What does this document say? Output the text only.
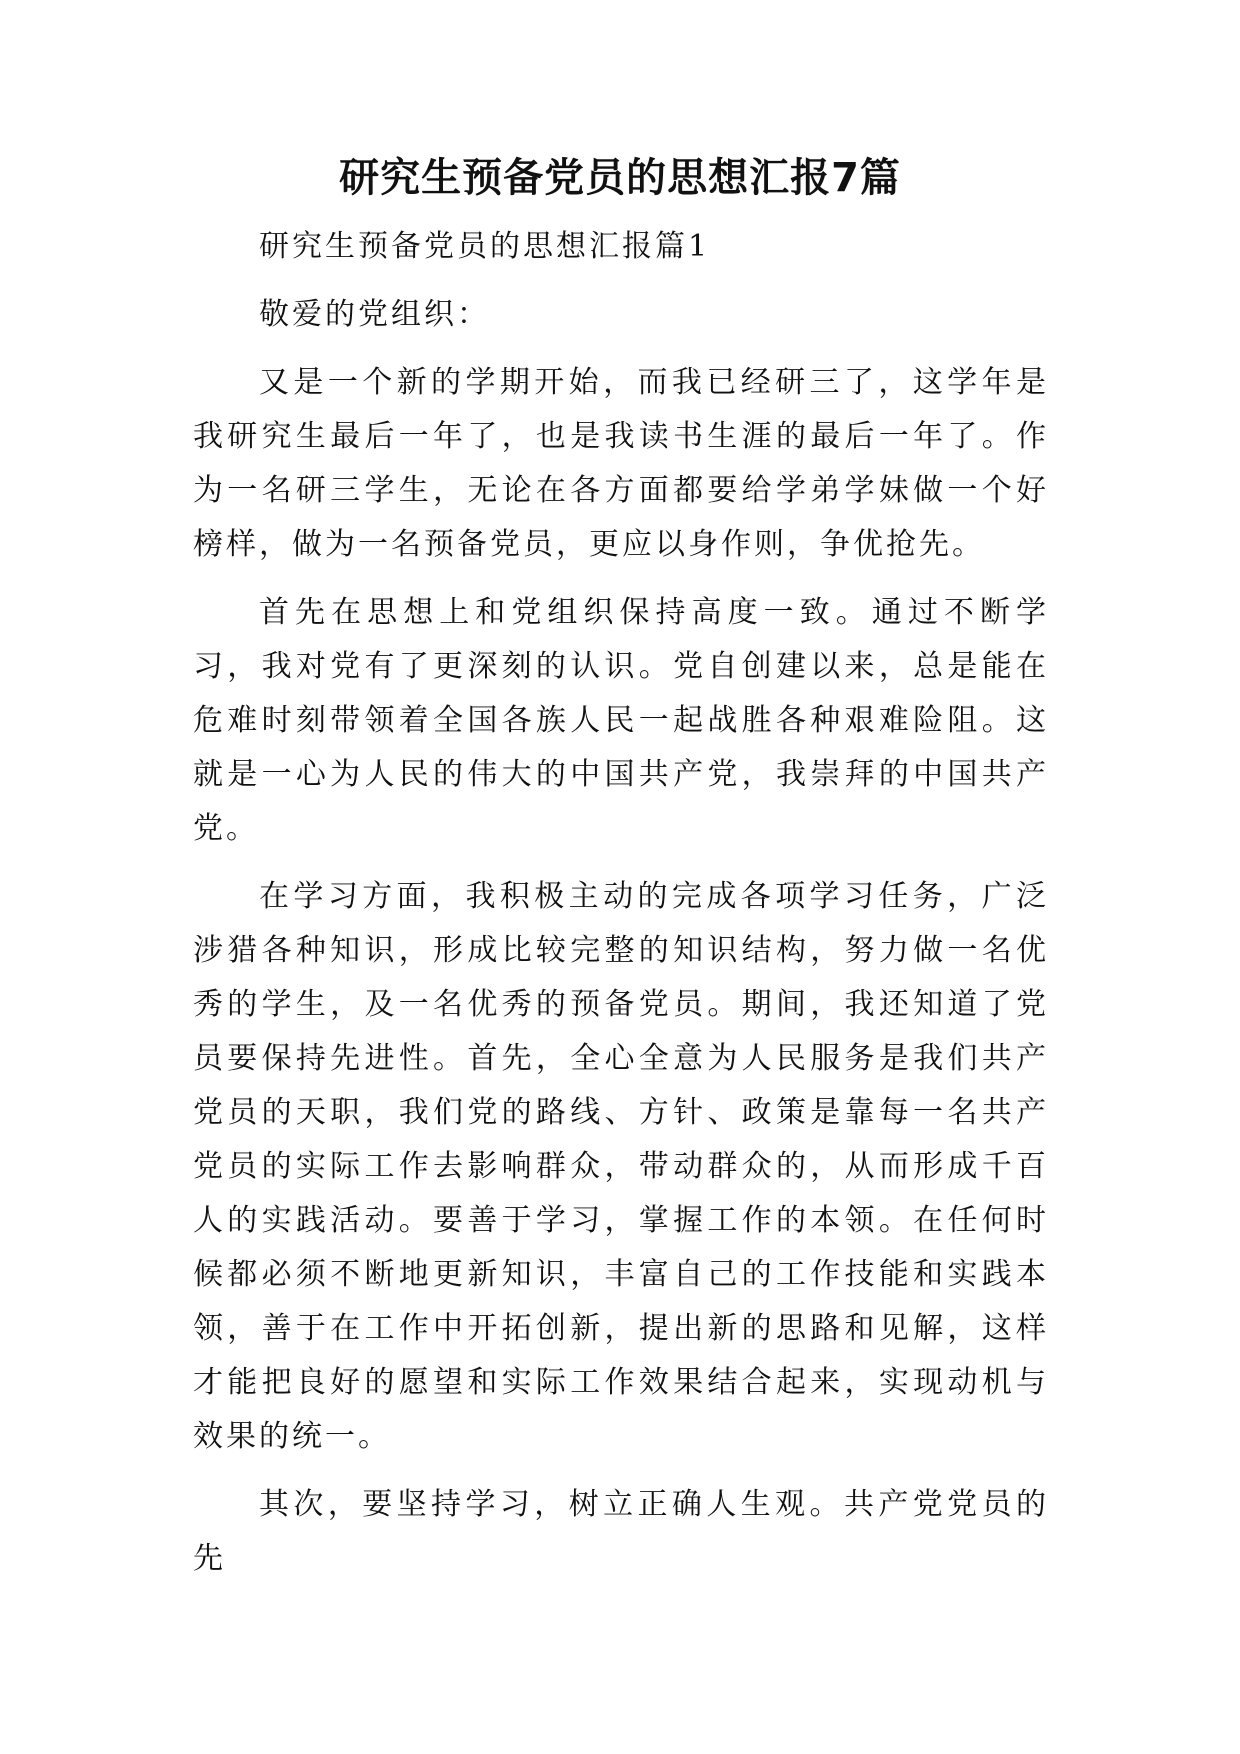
研究生预备党员的思想汇报7篇

研究生预备党员的思想汇报篇1

敬爱的党组织：

又是一个新的学期开始，而我已经研三了，这学年是我研究生最后一年了，也是我读书生涯的最后一年了。作为一名研三学生，无论在各方面都要给学弟学妹做一个好榜样，做为一名预备党员，更应以身作则，争优抢先。

首先在思想上和党组织保持高度一致。通过不断学习，我对党有了更深刻的认识。党自创建以来，总是能在危难时刻带领着全国各族人民一起战胜各种艰难险阻。这就是一心为人民的伟大的中国共产党，我崇拜的中国共产党。

在学习方面，我积极主动的完成各项学习任务，广泛涉猎各种知识，形成比较完整的知识结构，努力做一名优秀的学生，及一名优秀的预备党员。期间，我还知道了党员要保持先进性。首先，全心全意为人民服务是我们共产党员的天职，我们党的路线、方针、政策是靠每一名共产党员的实际工作去影响群众，带动群众的，从而形成千百人的实践活动。要善于学习，掌握工作的本领。在任何时候都必须不断地更新知识，丰富自己的工作技能和实践本领，善于在工作中开拓创新，提出新的思路和见解，这样才能把良好的愿望和实际工作效果结合起来，实现动机与效果的统一。

其次，要坚持学习，树立正确人生观。共产党党员的先
